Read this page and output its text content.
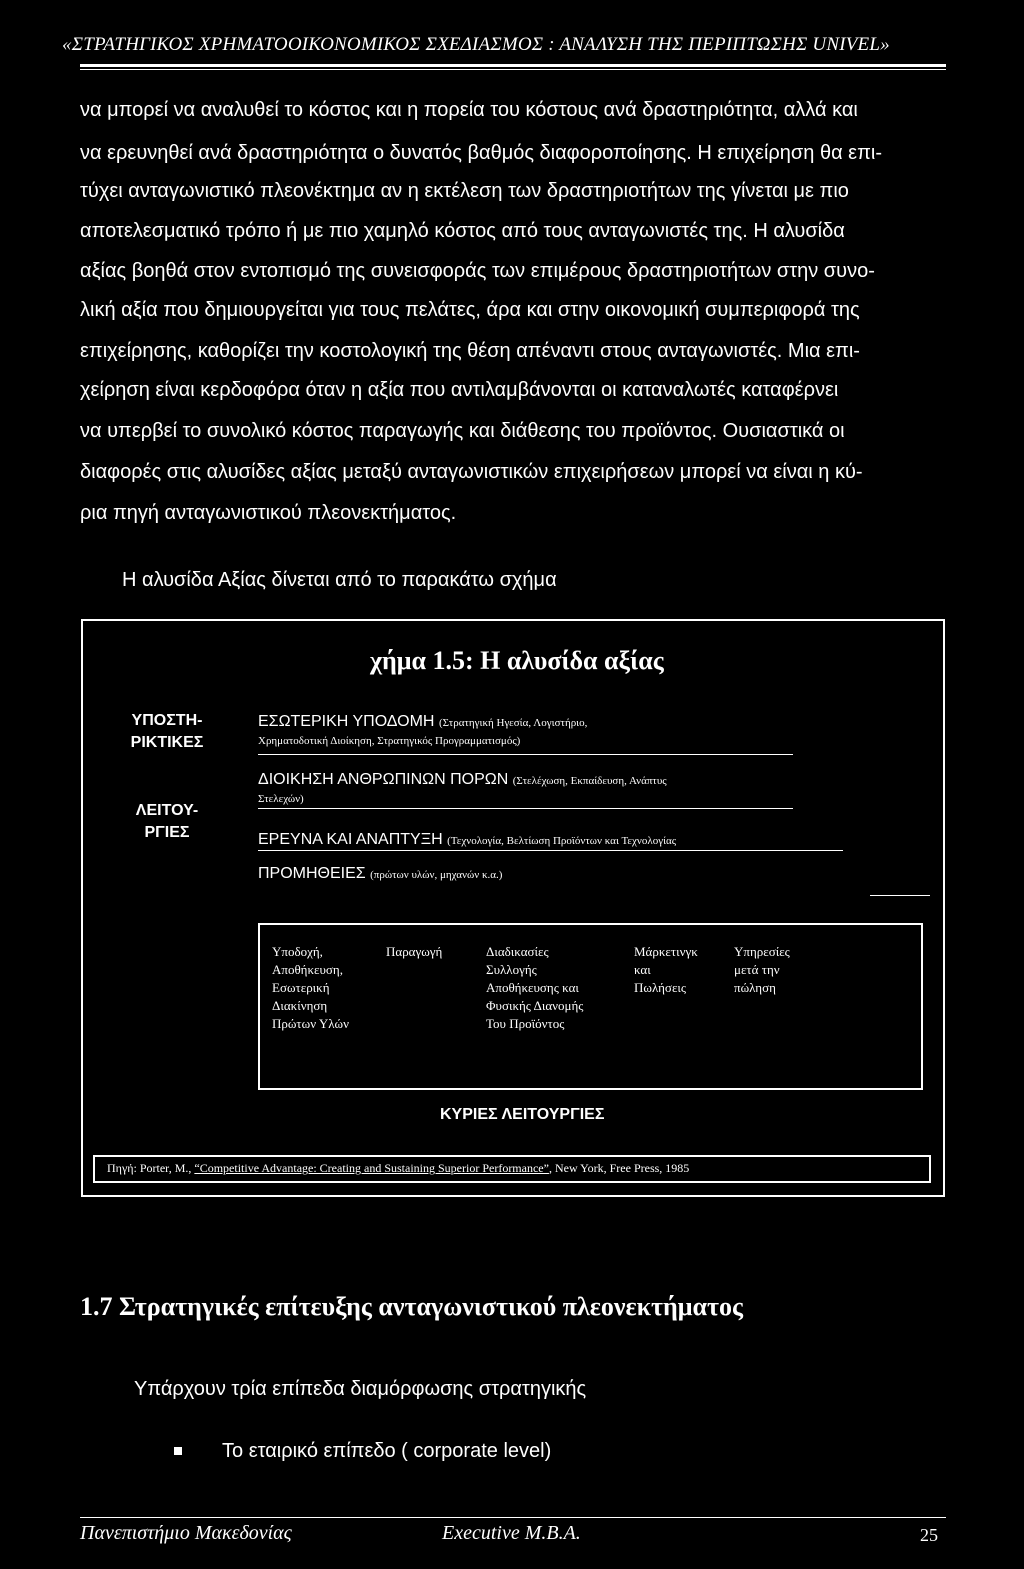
«ΣΤΡΑΤΗΓΙΚΟΣ ΧΡΗΜΑΤΟΟΙΚΟΝΟΜΙΚΟΣ ΣΧΕΔΙΑΣΜΟΣ : ΑΝΑΛΥΣΗ ΤΗΣ ΠΕΡΙΠΤΩΣΗΣ UNIVEL»

να μπορεί να αναλυθεί το κόστος και η πορεία του κόστους ανά δραστηριότητα, αλλά και

να ερευνηθεί ανά δραστηριότητα ο δυνατός βαθμός διαφοροποίησης. Η επιχείρηση θα επι-

τύχει ανταγωνιστικό πλεονέκτημα αν η εκτέλεση των δραστηριοτήτων της γίνεται με πιο

αποτελεσματικό τρόπο ή με πιο χαμηλό κόστος από τους ανταγωνιστές της. Η αλυσίδα

αξίας βοηθά στον εντοπισμό της συνεισφοράς των επιμέρους δραστηριοτήτων στην συνο-

λική αξία που δημιουργείται για τους πελάτες, άρα και στην οικονομική συμπεριφορά της

επιχείρησης, καθορίζει την κοστολογική της θέση απέναντι στους ανταγωνιστές. Μια επι-

χείρηση είναι κερδοφόρα όταν η αξία που αντιλαμβάνονται οι καταναλωτές καταφέρνει

να υπερβεί το συνολικό κόστος παραγωγής και διάθεσης του προϊόντος. Ουσιαστικά οι

διαφορές στις αλυσίδες αξίας μεταξύ ανταγωνιστικών επιχειρήσεων μπορεί να είναι η κύ-

ρια πηγή ανταγωνιστικού πλεονεκτήματος.

Η αλυσίδα Αξίας δίνεται από το παρακάτω σχήμα
χήμα 1.5: Η αλυσίδα αξίας
ΥΠΟΣΤΗ-
ΡΙΚΤΙΚΕΣ
ΛΕΙΤΟΥ-
ΡΓΙΕΣ
ΕΣΩΤΕΡΙΚΗ ΥΠΟΔΟΜΗ (Στρατηγική Ηγεσία, Λογιστήριο,
Χρηματοδοτική Διοίκηση, Στρατηγικός Προγραμματισμός)
ΔΙΟΙΚΗΣΗ ΑΝΘΡΩΠΙΝΩΝ ΠΟΡΩΝ (Στελέχωση, Εκπαίδευση, Ανάπτυς
Στελεχών)
ΕΡΕΥΝΑ ΚΑΙ ΑΝΑΠΤΥΞΗ (Τεχνολογία, Βελτίωση Προϊόντων και Τεχνολογίας
ΠΡΟΜΗΘΕΙΕΣ (πρώτων υλών, μηχανών κ.α.)
Υποδοχή,
Αποθήκευση,
Εσωτερική
Διακίνηση
Πρώτων Υλών
Παραγωγή	Διαδικασίες
Συλλογής
Αποθήκευσης και
Φυσικής Διανομής
Του Προϊόντος
Μάρκετινγκ
και
Πωλήσεις
Υπηρεσίες
μετά την
πώληση
ΚΥΡΙΕΣ ΛΕΙΤΟΥΡΓΙΕΣ
Πηγή: Porter, M., “Competitive Advantage: Creating and Sustaining Superior Performance”, New York, Free Press, 1985
1.7 Στρατηγικές επίτευξης ανταγωνιστικού πλεονεκτήματος
Υπάρχουν τρία επίπεδα διαμόρφωσης στρατηγικής
Το εταιρικό επίπεδο ( corporate level)
Πανεπιστήμιο Μακεδονίας	Executive M.B.A.	25
